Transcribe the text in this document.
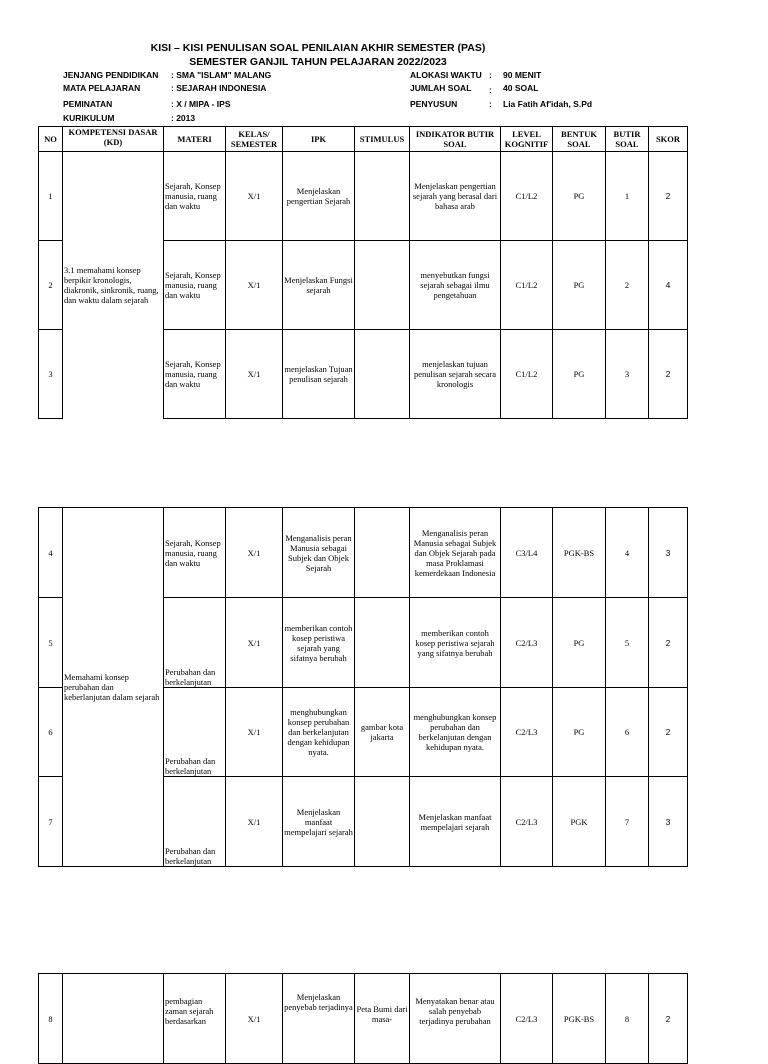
KISI – KISI PENULISAN SOAL PENILAIAN AKHIR SEMESTER (PAS)
SEMESTER GANJIL TAHUN PELAJARAN 2022/2023
JENJANG PENDIDIKAN : SMA "ISLAM" MALANG
MATA PELAJARAN	: SEJARAH INDONESIA
PEMINATAN	: X / MIPA - IPS
KURIKULUM	: 2013
ALOKASI WAKTU : 90 MENIT
JUMLAH SOAL : 40 SOAL
PENYUSUN	: Lia Fatih Af'idah, S.Pd
NO	KOMPETENSI DASAR (KD)	MATERI	KELAS/ SEMESTER	IPK	STIMULUS	INDIKATOR BUTIR SOAL	LEVEL KOGNITIF	BENTUK SOAL	BUTIR SOAL	SKOR
1	3.1 memahami konsep berpikir kronologis, diakronik, sinkronik, ruang, dan waktu dalam sejarah	Sejarah, Konsep manusia, ruang dan waktu	X/1	Menjelaskan pengertian Sejarah		Menjelaskan pengertian sejarah yang berasal dari bahasa arab	C1/L2	PG	1	2
2		Sejarah, Konsep manusia, ruang dan waktu	X/1	Menjelaskan Fungsi sejarah		menyebutkan fungsi sejarah sebagai ilmu pengetahuan	C1/L2	PG	2	4
3		Sejarah, Konsep manusia, ruang dan waktu	X/1	menjelaskan Tujuan penulisan sejarah		menjelaskan tujuan penulisan sejarah secara kronologis	C1/L2	PG	3	2
4	Memahami konsep perubahan dan keberlanjutan dalam sejarah	Sejarah, Konsep manusia, ruang dan waktu	X/1	Menganalisis peran Manusia sebagai Subjek dan Objek Sejarah		Menganalisis peran Manusia sebagai Subjek dan Objek Sejarah pada masa Proklamasi kemerdekaan Indonesia	C3/L4	PGK-BS	4	3
5		Perubahan dan berkelanjutan	X/1	memberikan contoh kosep peristiwa sejarah yang sifatnya berubah		memberikan contoh kosep peristiwa sejarah yang sifatnya berubah	C2/L3	PG	5	2
6		Perubahan dan berkelanjutan	X/1	menghubungkan konsep perubahan dan berkelanjutan dengan kehidupan nyata.	gambar kota jakarta	menghubungkan konsep perubahan dan berkelanjutan dengan kehidupan nyata.	C2/L3	PG	6	2
7		Perubahan dan berkelanjutan	X/1	Menjelaskan manfaat mempelajari sejarah		Menjelaskan manfaat mempelajari sejarah	C2/L3	PGK	7	3
8		pembagian zaman sejarah berdasarkan	X/1	Menjelaskan penyebab terjadinya	Peta Bumi dari masa-	Menyatakan benar atau salah penyebab terjadinya perubahan	C2/L3	PGK-BS	8	2
